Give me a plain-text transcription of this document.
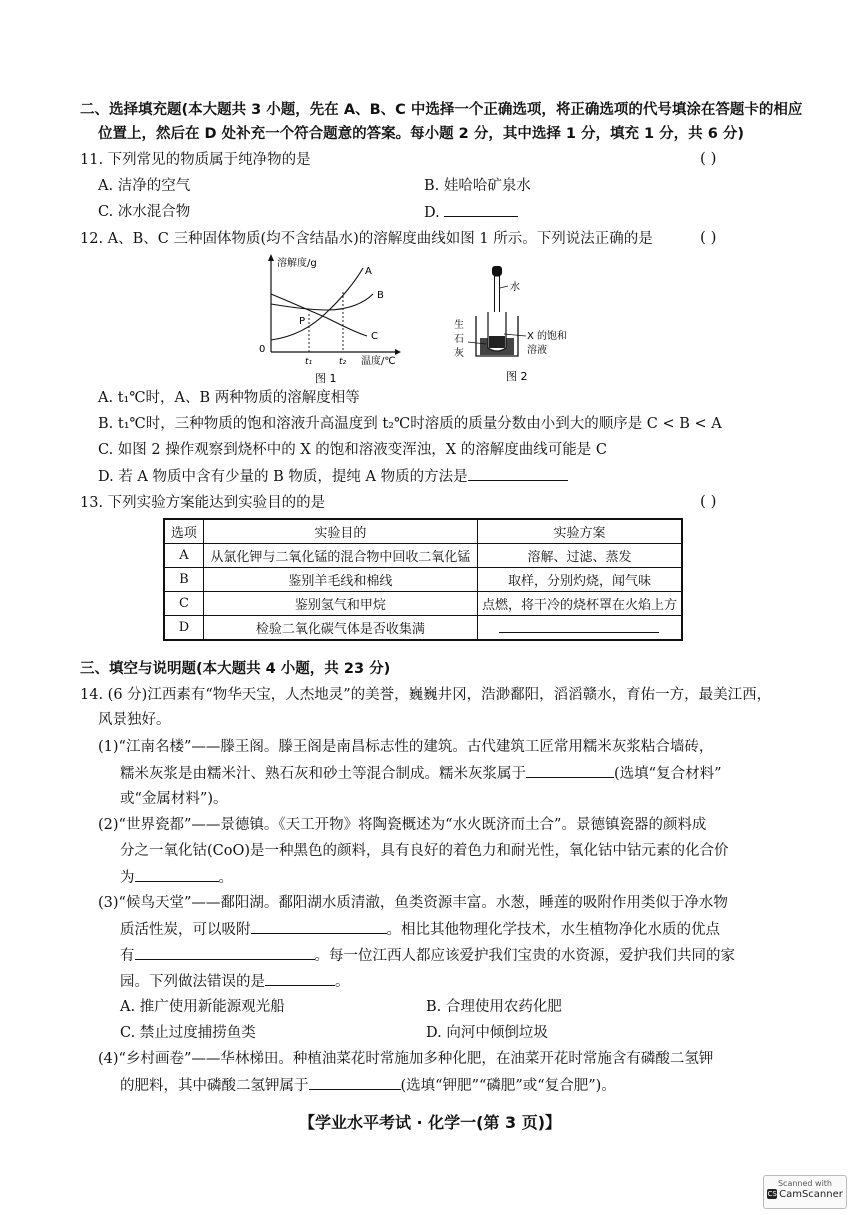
二、选择填充题(本大题共 3 小题，先在 A、B、C 中选择一个正确选项，将正确选项的代号填涂在答题卡的相应
位置上，然后在 D 处补充一个符合题意的答案。每小题 2 分，其中选择 1 分，填充 1 分，共 6 分)
11. 下列常见的物质属于纯净物的是	( )
A. 洁净的空气	B. 娃哈哈矿泉水
C. 冰水混合物	D.
12. A、B、C 三种固体物质(均不含结晶水)的溶解度曲线如图 1 所示。下列说法正确的是	( )
溶解度/g
A
B
C
P
0
t₁	t₂ 温度/℃
图 1
水
X 的饱和
溶液
生
石
灰
图 2
A. t₁℃时，A、B 两种物质的溶解度相等
B. t₁℃时，三种物质的饱和溶液升高温度到 t₂℃时溶质的质量分数由小到大的顺序是 C < B < A
C. 如图 2 操作观察到烧杯中的 X 的饱和溶液变浑浊，X 的溶解度曲线可能是 C
D. 若 A 物质中含有少量的 B 物质，提纯 A 物质的方法是
13. 下列实验方案能达到实验目的的是	( )
选项	实验目的	实验方案
A	从氯化钾与二氧化锰的混合物中回收二氧化锰	溶解、过滤、蒸发
B	鉴别羊毛线和棉线	取样，分别灼烧，闻气味
C	鉴别氢气和甲烷	点燃，将干冷的烧杯罩在火焰上方
D	检验二氧化碳气体是否收集满	
三、填空与说明题(本大题共 4 小题，共 23 分)
14. (6 分)江西素有“物华天宝，人杰地灵”的美誉，巍巍井冈，浩渺鄱阳，滔滔赣水，育佑一方，最美江西，
风景独好。
(1)“江南名楼”——滕王阁。滕王阁是南昌标志性的建筑。古代建筑工匠常用糯米灰浆粘合墙砖，
糯米灰浆是由糯米汁、熟石灰和砂土等混合制成。糯米灰浆属于	(选填“复合材料”
或“金属材料”)。
(2)“世界瓷都”——景德镇。《天工开物》将陶瓷概述为“水火既济而土合”。景德镇瓷器的颜料成
分之一氧化钴(CoO)是一种黑色的颜料，具有良好的着色力和耐光性，氧化钴中钴元素的化合价
为	。
(3)“候鸟天堂”——鄱阳湖。鄱阳湖水质清澈，鱼类资源丰富。水葱，睡莲的吸附作用类似于净水物
质活性炭，可以吸附	。相比其他物理化学技术，水生植物净化水质的优点
有	。每一位江西人都应该爱护我们宝贵的水资源，爱护我们共同的家
园。下列做法错误的是	。
A. 推广使用新能源观光船	B. 合理使用农药化肥
C. 禁止过度捕捞鱼类	D. 向河中倾倒垃圾
(4)“乡村画卷”——华林梯田。种植油菜花时常施加多种化肥，在油菜开花时常施含有磷酸二氢钾
的肥料，其中磷酸二氢钾属于	(选填“钾肥”“磷肥”或“复合肥”)。
【学业水平考试 · 化学一(第 3 页)】
Scanned with
CS CamScanner
